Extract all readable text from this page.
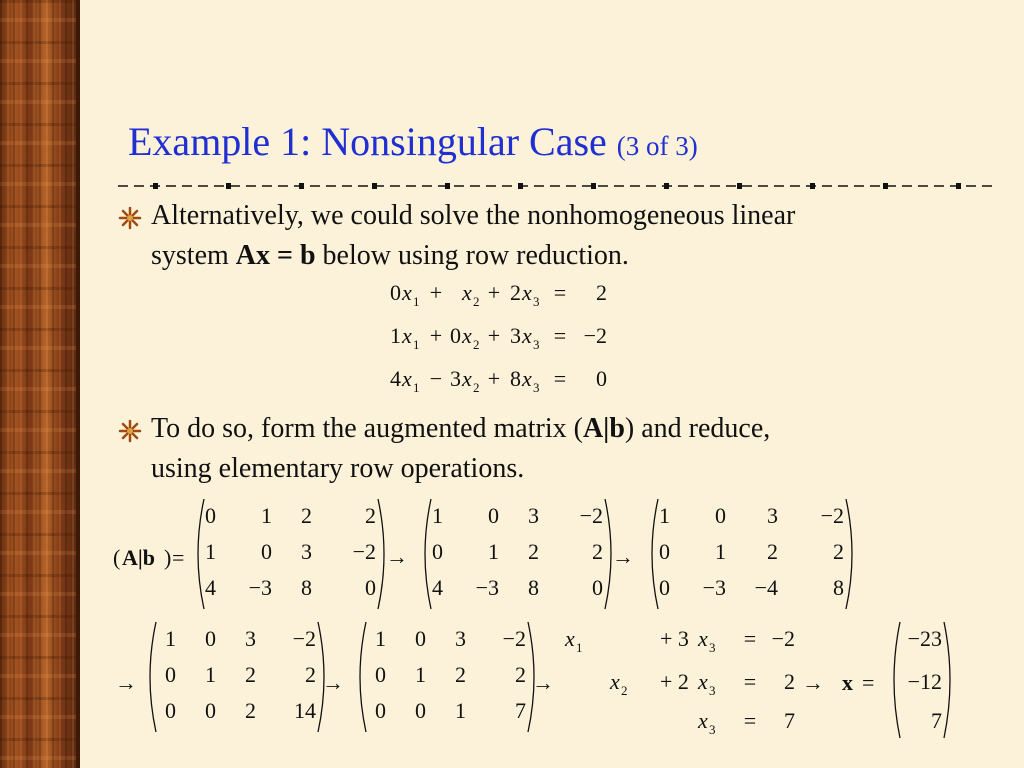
Example 1: Nonsingular Case (3 of 3)
Alternatively, we could solve the nonhomogeneous linear
system Ax = b below using row reduction.
To do so, form the augmented matrix (A|b) and reduce,
using elementary row operations.
0 x 1 + x 2 + 2 x 3 = 2
1 x 1 + 0 x 2 + 3 x 3 = −2
4 x 1 − 3 x 2 + 8 x 3 = 0
( A|b ) =
0 1 2 2
1 0 3 −2
4 −3 8 0
→
1 0 3 −2
0 1 2 2
4 −3 8 0
→
1 0 3 −2
0 1 2	2
0 −3 −4	8
→
1 0 3 −2
0 1 2 2
0 0 2 14
→
1 0 3 −2
0 1 2 2
0 0 1 7
→
x 1	+ 3 x 3 = −2
x 2 + 2 x 3 = 2
x 3 = 7
→ x =
−23
−12
7
